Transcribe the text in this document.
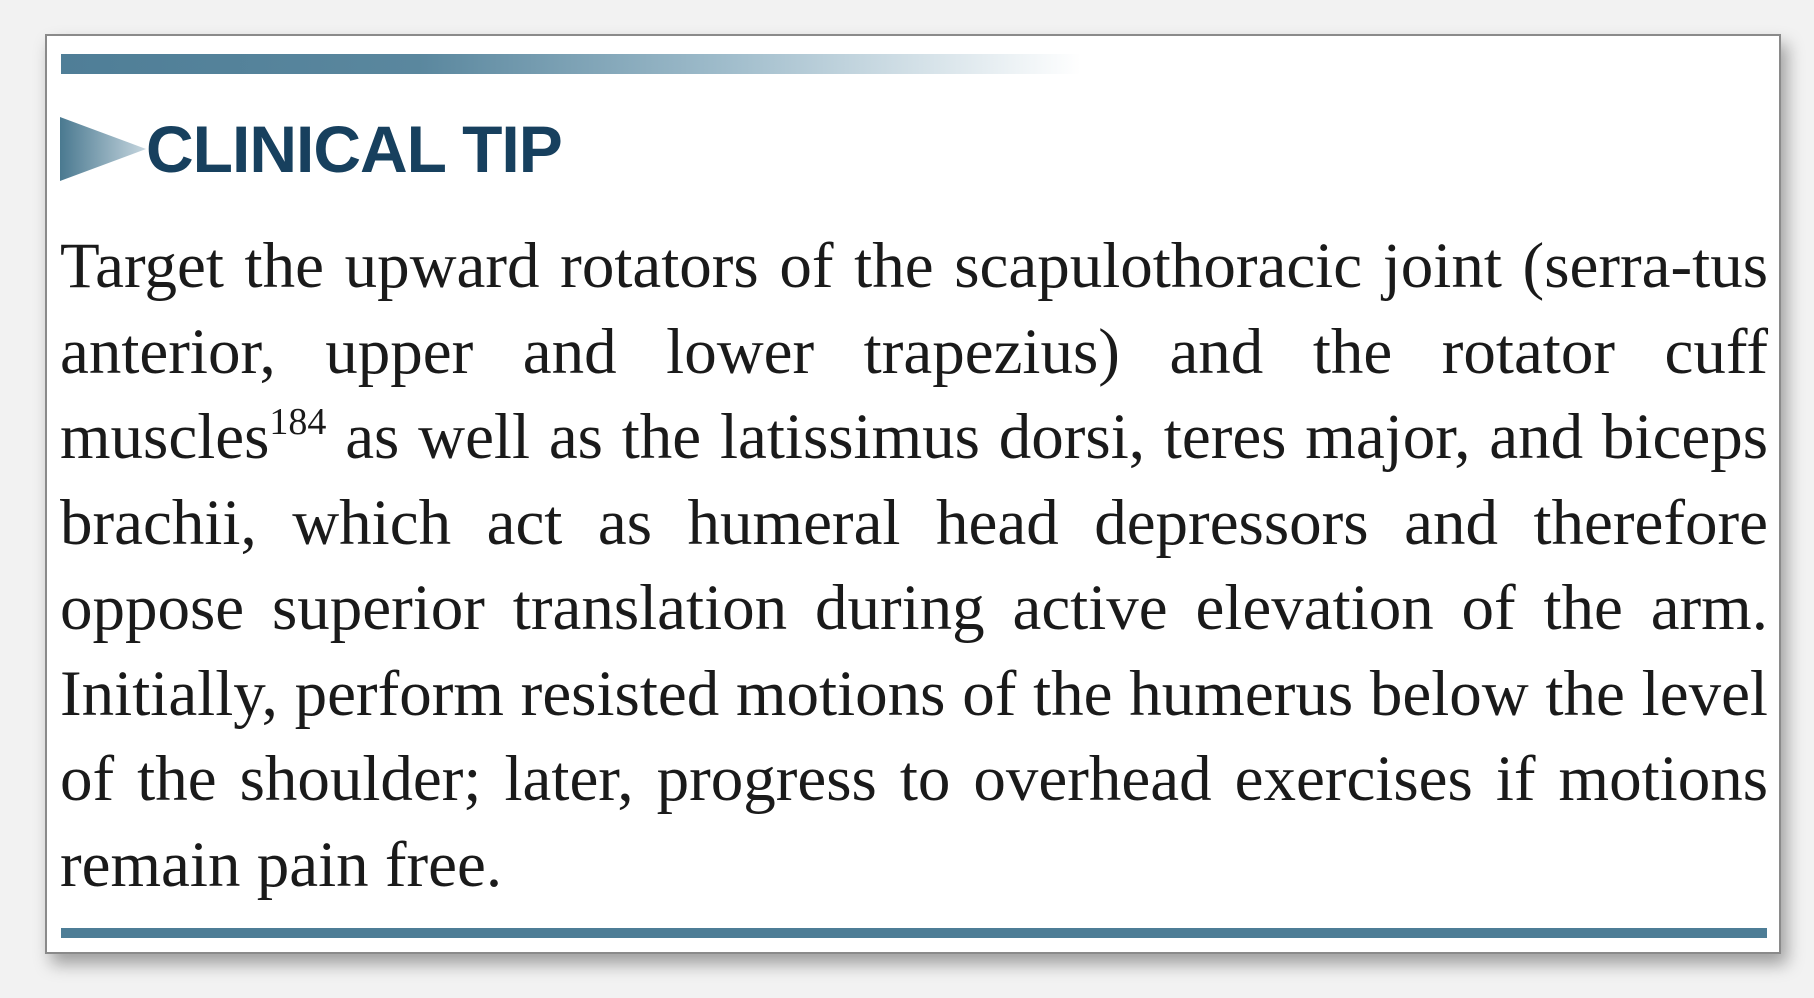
CLINICAL TIP

Target the upward rotators of the scapulothoracic joint (serra-tus anterior, upper and lower trapezius) and the rotator cuff muscles$^{184}$ as well as the latissimus dorsi, teres major, and biceps brachii, which act as humeral head depressors and therefore oppose superior translation during active elevation of the arm. Initially, perform resisted motions of the humerus below the level of the shoulder; later, progress to overhead exercises if motions remain pain free.
